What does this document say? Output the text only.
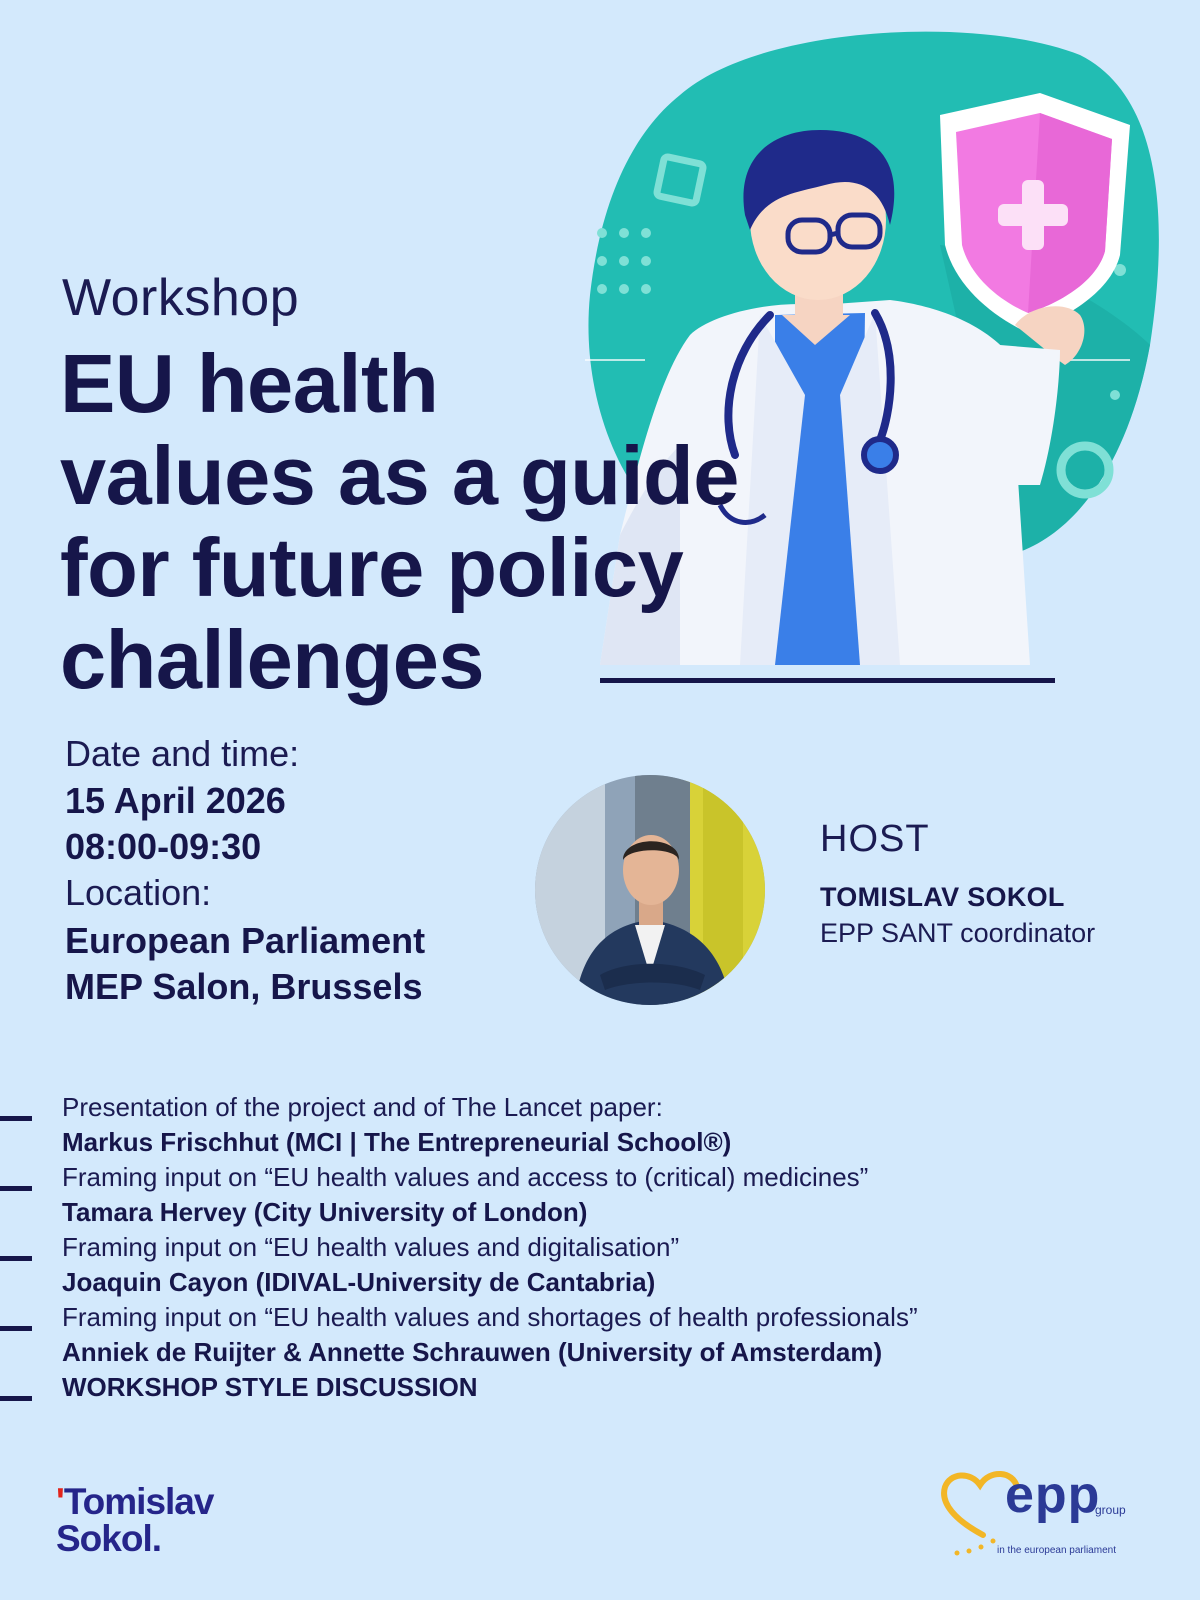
Workshop
EU health
values as a guide
for future policy
challenges
Date and time:
15 April 2026
08:00-09:30
Location:
European Parliament
MEP Salon, Brussels
HOST
TOMISLAV SOKOL
EPP SANT coordinator
Presentation of the project and of The Lancet paper:
Markus Frischhut (MCI | The Entrepreneurial School®)
Framing input on “EU health values and access to (critical) medicines”
Tamara Hervey (City University of London)
Framing input on “EU health values and digitalisation”
Joaquin Cayon (IDIVAL-University de Cantabria)
Framing input on “EU health values and shortages of health professionals”
Anniek de Ruijter & Annette Schrauwen (University of Amsterdam)
WORKSHOP STYLE DISCUSSION
'Tomislav
Sokol.
epp
group
in the european parliament
